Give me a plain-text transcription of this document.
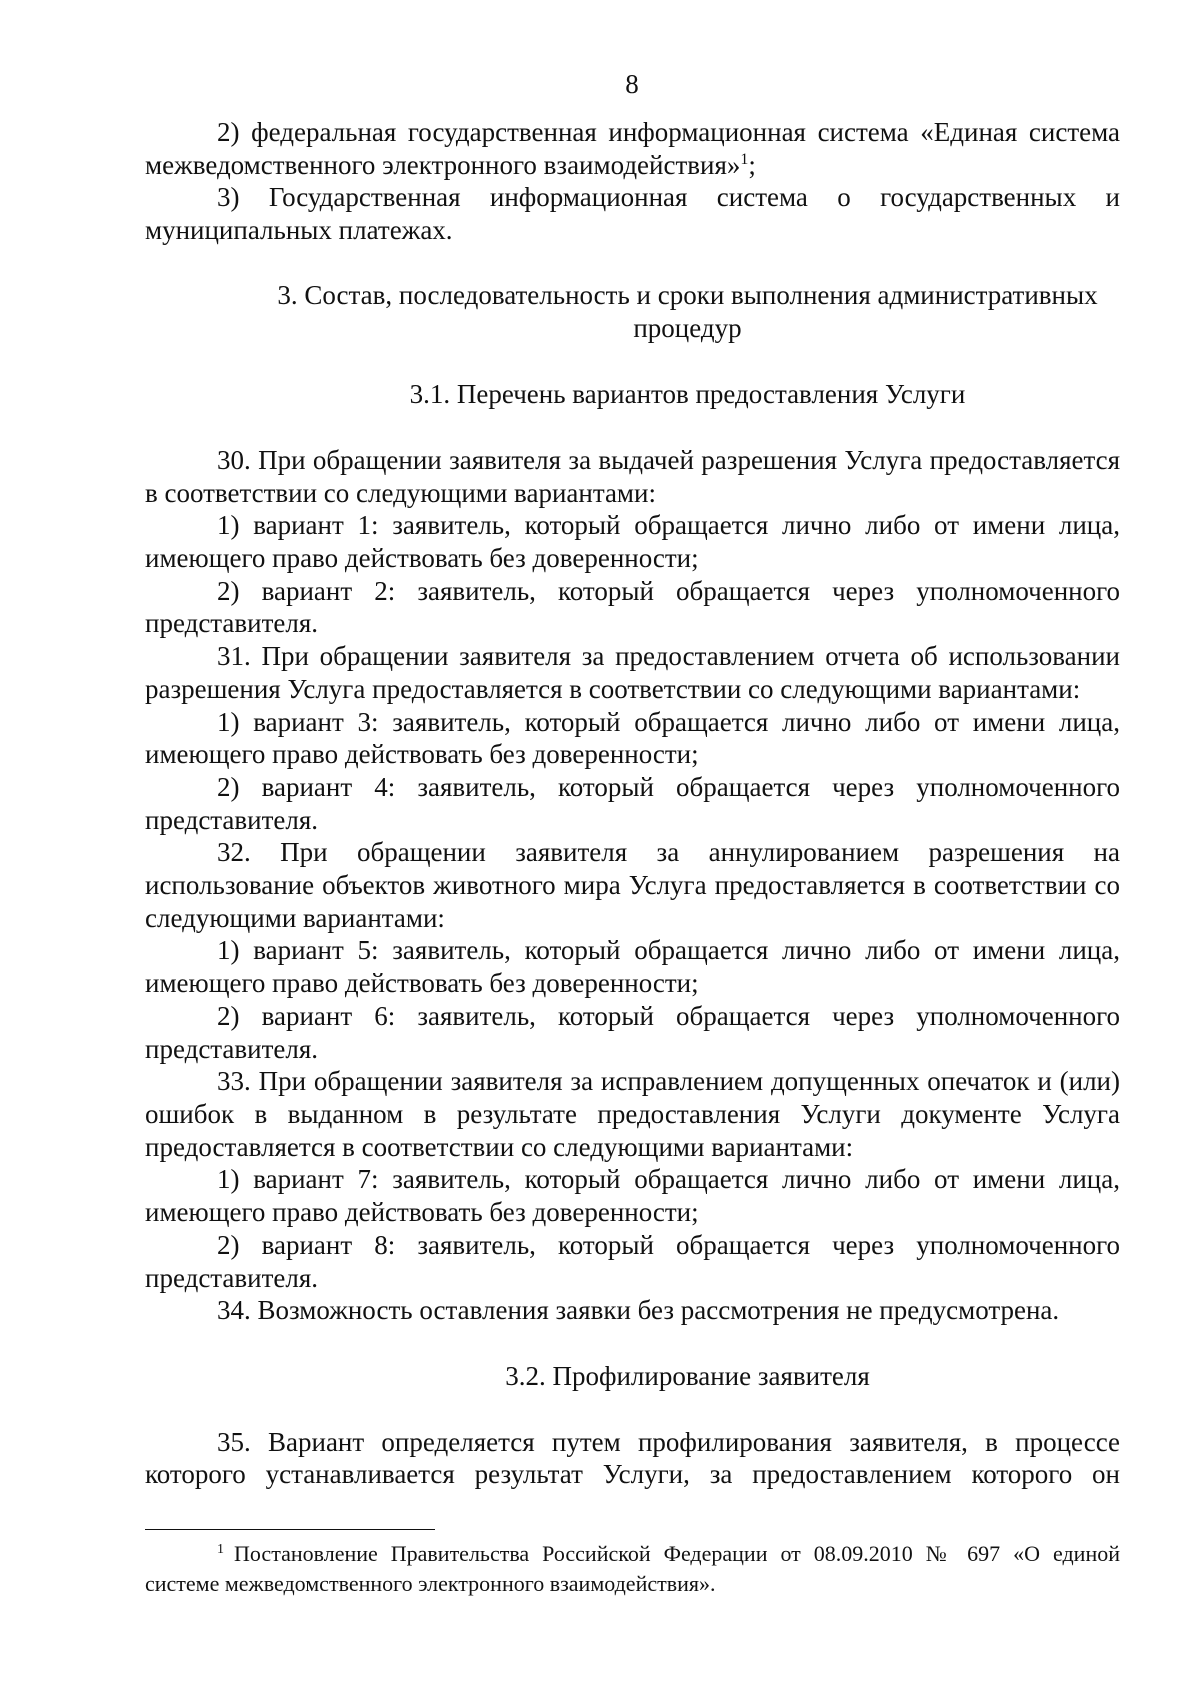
8

2) федеральная государственная информационная система «Единая система межведомственного электронного взаимодействия»$^1$;

3) Государственная информационная система о государственных и муниципальных платежах.

3. Состав, последовательность и сроки выполнения административных процедур
3.1. Перечень вариантов предоставления Услуги

30. При обращении заявителя за выдачей разрешения Услуга предоставляется в соответствии со следующими вариантами:

1) вариант 1: заявитель, который обращается лично либо от имени лица, имеющего право действовать без доверенности;

2) вариант 2: заявитель, который обращается через уполномоченного представителя.

31. При обращении заявителя за предоставлением отчета об использовании разрешения Услуга предоставляется в соответствии со следующими вариантами:

1) вариант 3: заявитель, который обращается лично либо от имени лица, имеющего право действовать без доверенности;

2) вариант 4: заявитель, который обращается через уполномоченного представителя.

32. При обращении заявителя за аннулированием разрешения на использование объектов животного мира Услуга предоставляется в соответствии со следующими вариантами:

1) вариант 5: заявитель, который обращается лично либо от имени лица, имеющего право действовать без доверенности;

2) вариант 6: заявитель, который обращается через уполномоченного представителя.

33. При обращении заявителя за исправлением допущенных опечаток и (или) ошибок в выданном в результате предоставления Услуги документе Услуга предоставляется в соответствии со следующими вариантами:

1) вариант 7: заявитель, который обращается лично либо от имени лица, имеющего право действовать без доверенности;

2) вариант 8: заявитель, который обращается через уполномоченного представителя.

34. Возможность оставления заявки без рассмотрения не предусмотрена.

3.2. Профилирование заявителя

35. Вариант определяется путем профилирования заявителя, в процессе которого устанавливается результат Услуги, за предоставлением которого он

$^1$ Постановление Правительства Российской Федерации от 08.09.2010 № 697 «О единой системе межведомственного электронного взаимодействия».
